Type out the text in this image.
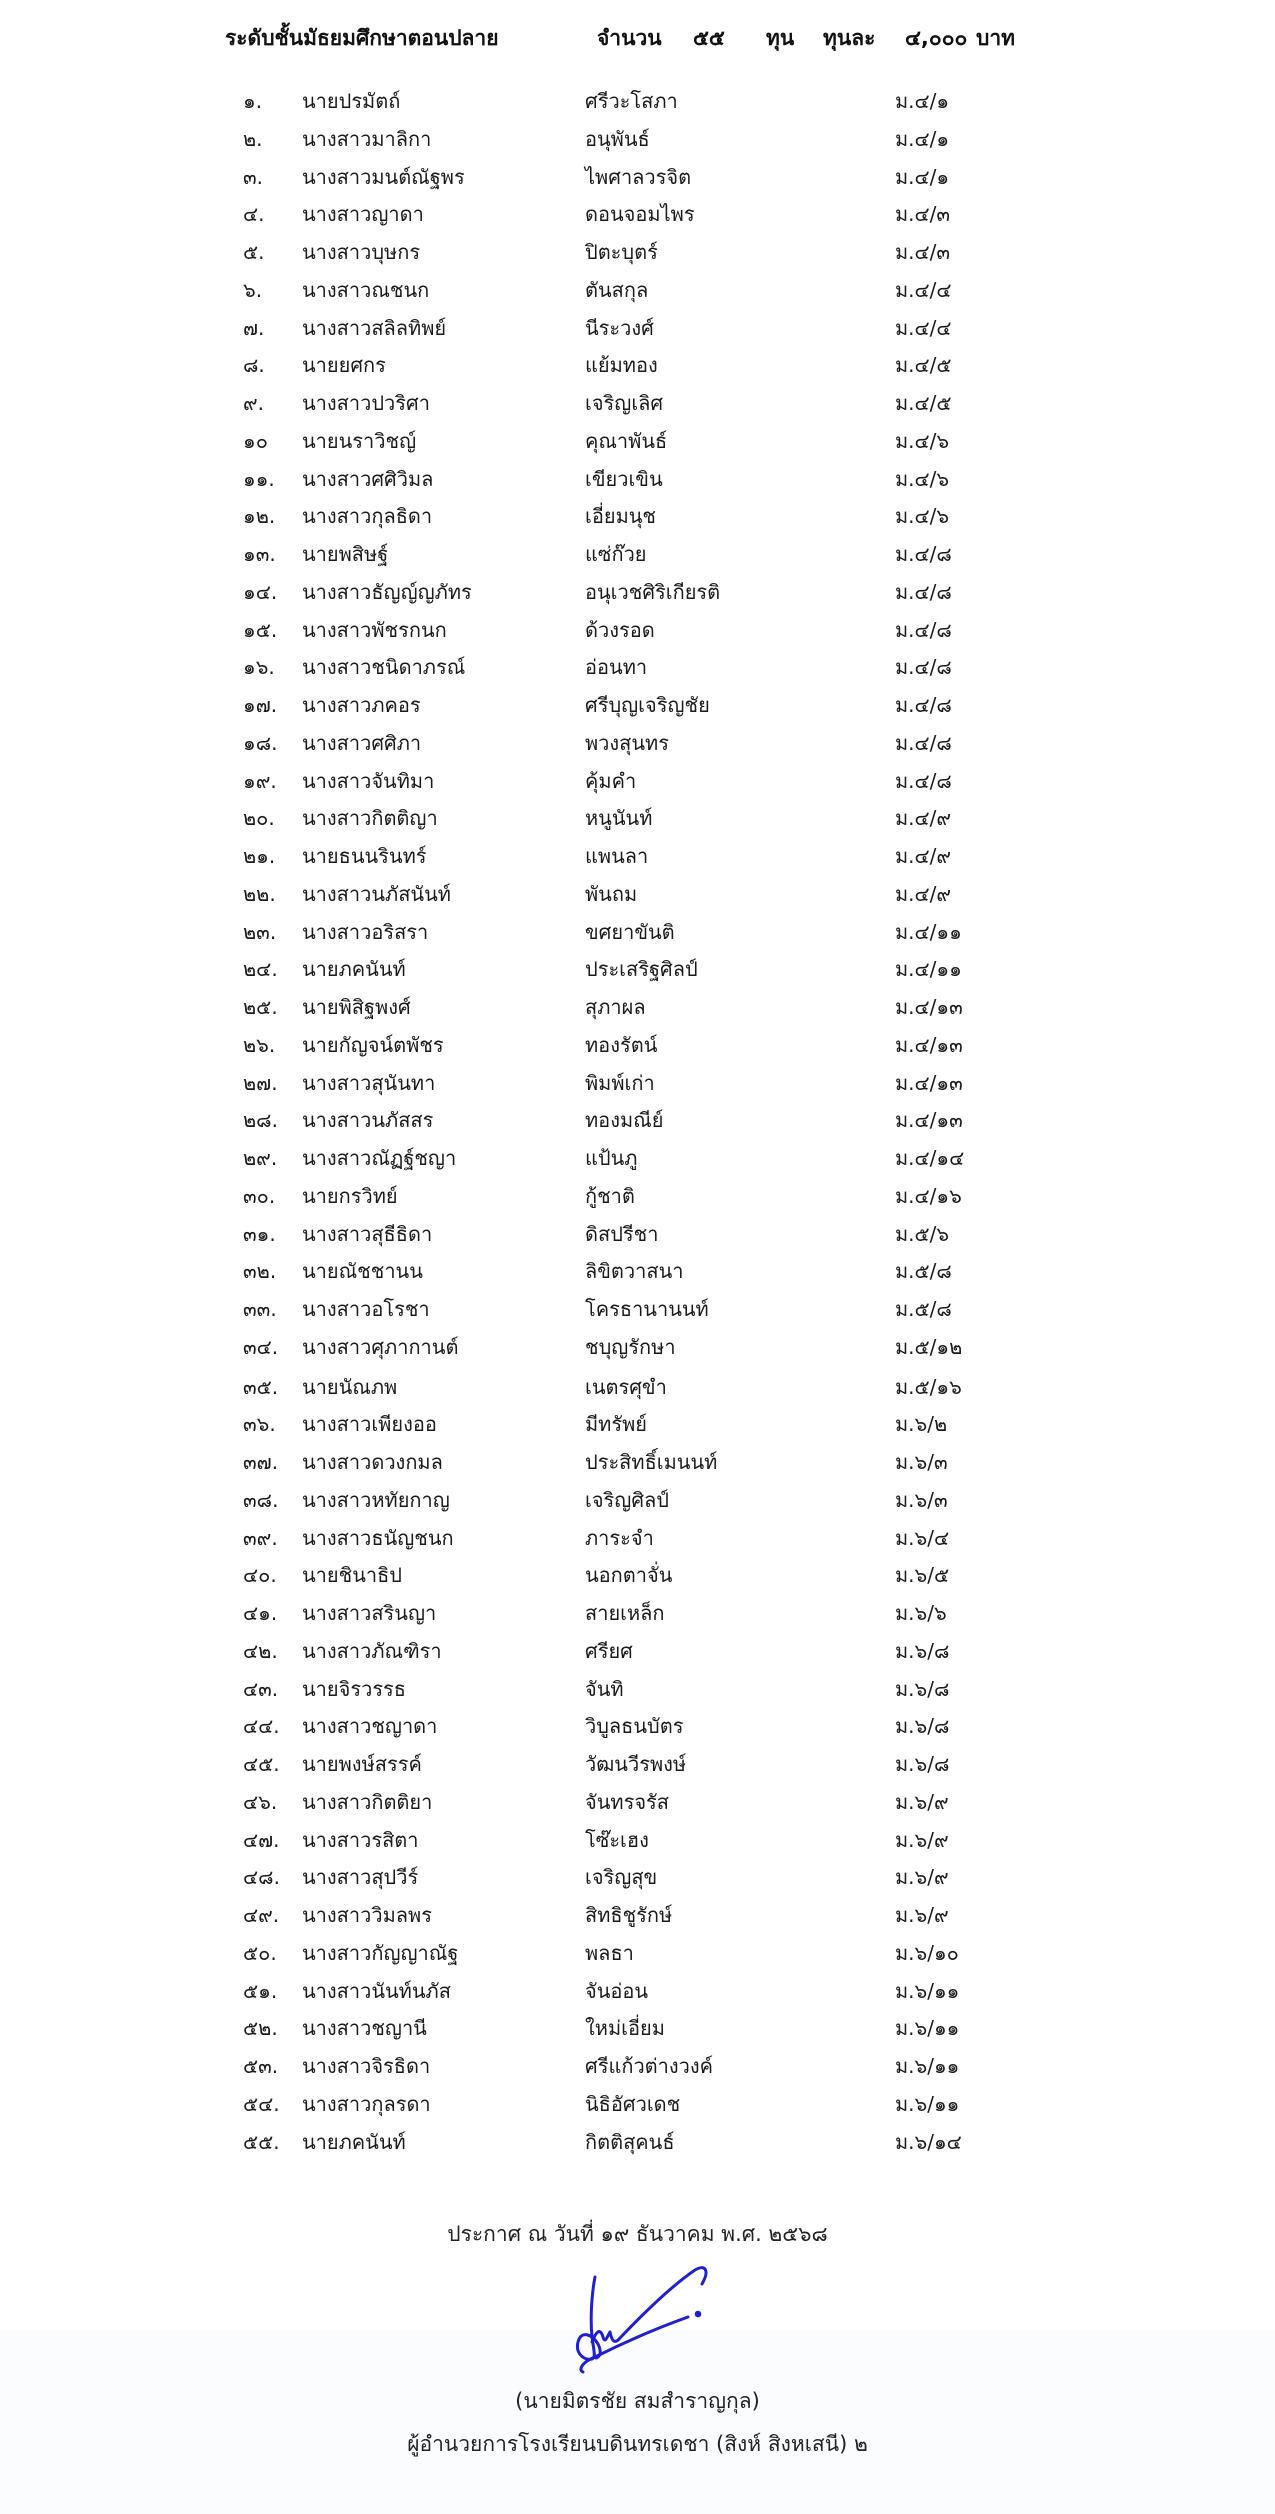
ระดับชั้นมัธยมศึกษาตอนปลาย	จำนวน ๕๕ ทุน ทุนละ ๔,๐๐๐ บาท
๑. นายปรมัตถ์	ศรีวะโสภา	ม.๔/๑
๒. นางสาวมาลิกา	อนุพันธ์	ม.๔/๑
๓. นางสาวมนต์ณัฐพร	ไพศาลวรจิต	ม.๔/๑
๔. นางสาวญาดา	ดอนจอมไพร	ม.๔/๓
๕. นางสาวบุษกร	ปิตะบุตร์	ม.๔/๓
๖. นางสาวณชนก	ตันสกุล	ม.๔/๔
๗. นางสาวสลิลทิพย์	นีระวงศ์	ม.๔/๔
๘. นายยศกร	แย้มทอง	ม.๔/๕
๙. นางสาวปวริศา	เจริญเลิศ	ม.๔/๕
๑๐ นายนราวิชญ์	คุณาพันธ์	ม.๔/๖
๑๑. นางสาวศศิวิมล	เขียวเขิน	ม.๔/๖
๑๒. นางสาวกุลธิดา	เอี่ยมนุช	ม.๔/๖
๑๓. นายพสิษฐ์	แซ่ก๊วย	ม.๔/๘
๑๔. นางสาวธัญญ์ญภัทร	อนุเวชศิริเกียรติ	ม.๔/๘
๑๕. นางสาวพัชรกนก	ด้วงรอด	ม.๔/๘
๑๖. นางสาวชนิดาภรณ์	อ่อนทา	ม.๔/๘
๑๗. นางสาวภคอร	ศรีบุญเจริญชัย	ม.๔/๘
๑๘. นางสาวศศิภา	พวงสุนทร	ม.๔/๘
๑๙. นางสาวจันทิมา	คุ้มคำ	ม.๔/๘
๒๐. นางสาวกิตติญา	หนูนันท์	ม.๔/๙
๒๑. นายธนนรินทร์	แพนลา	ม.๔/๙
๒๒. นางสาวนภัสนันท์	พันถม	ม.๔/๙
๒๓. นางสาวอริสรา	ขศยาขันติ	ม.๔/๑๑
๒๔. นายภคนันท์	ประเสริฐศิลป์	ม.๔/๑๑
๒๕. นายพิสิฐพงศ์	สุภาผล	ม.๔/๑๓
๒๖. นายกัญจน์ตพัชร	ทองรัตน์	ม.๔/๑๓
๒๗. นางสาวสุนันทา	พิมพ์เก่า	ม.๔/๑๓
๒๘. นางสาวนภัสสร	ทองมณีย์	ม.๔/๑๓
๒๙. นางสาวณัฏฐ์ชญา	แป้นภู	ม.๔/๑๔
๓๐. นายกรวิทย์	กู้ชาติ	ม.๔/๑๖
๓๑. นางสาวสุธีธิดา	ดิสปรีชา	ม.๕/๖
๓๒. นายณัชชานน	ลิขิตวาสนา	ม.๕/๘
๓๓. นางสาวอโรชา	โครธานานนท์	ม.๕/๘
๓๔. นางสาวศุภากานต์	ชบุญรักษา	ม.๕/๑๒
๓๕. นายนัณภพ	เนตรศุขำ	ม.๕/๑๖
๓๖. นางสาวเพียงออ	มีทรัพย์	ม.๖/๒
๓๗. นางสาวดวงกมล	ประสิทธิ์เมนนท์	ม.๖/๓
๓๘. นางสาวหทัยกาญ	เจริญศิลป์	ม.๖/๓
๓๙. นางสาวธนัญชนก	ภาระจำ	ม.๖/๔
๔๐. นายชินาธิป	นอกตาจั่น	ม.๖/๕
๔๑. นางสาวสรินญา	สายเหล็ก	ม.๖/๖
๔๒. นางสาวภัณฑิรา	ศรียศ	ม.๖/๘
๔๓. นายจิรวรรธ	จันทิ	ม.๖/๘
๔๔. นางสาวชญาดา	วิบูลธนบัตร	ม.๖/๘
๔๕. นายพงษ์สรรค์	วัฒนวีรพงษ์	ม.๖/๘
๔๖. นางสาวกิตติยา	จันทรจรัส	ม.๖/๙
๔๗. นางสาวรสิตา	โซ๊ะเฮง	ม.๖/๙
๔๘. นางสาวสุปวีร์	เจริญสุข	ม.๖/๙
๔๙. นางสาววิมลพร	สิทธิชูรักษ์	ม.๖/๙
๕๐. นางสาวกัญญาณัฐ	พลธา	ม.๖/๑๐
๕๑. นางสาวนันท์นภัส	จันอ่อน	ม.๖/๑๑
๕๒. นางสาวชญานี	ใหม่เอี่ยม	ม.๖/๑๑
๕๓. นางสาวจิรธิดา	ศรีแก้วต่างวงค์	ม.๖/๑๑
๕๔. นางสาวกุลรดา	นิธิอัศวเดช	ม.๖/๑๑
๕๕. นายภคนันท์	กิตติสุคนธ์	ม.๖/๑๔
ประกาศ ณ วันที่ ๑๙ ธันวาคม พ.ศ. ๒๕๖๘
(นายมิตรชัย สมสำราญกุล)
ผู้อำนวยการโรงเรียนบดินทรเดชา (สิงห์ สิงหเสนี) ๒
